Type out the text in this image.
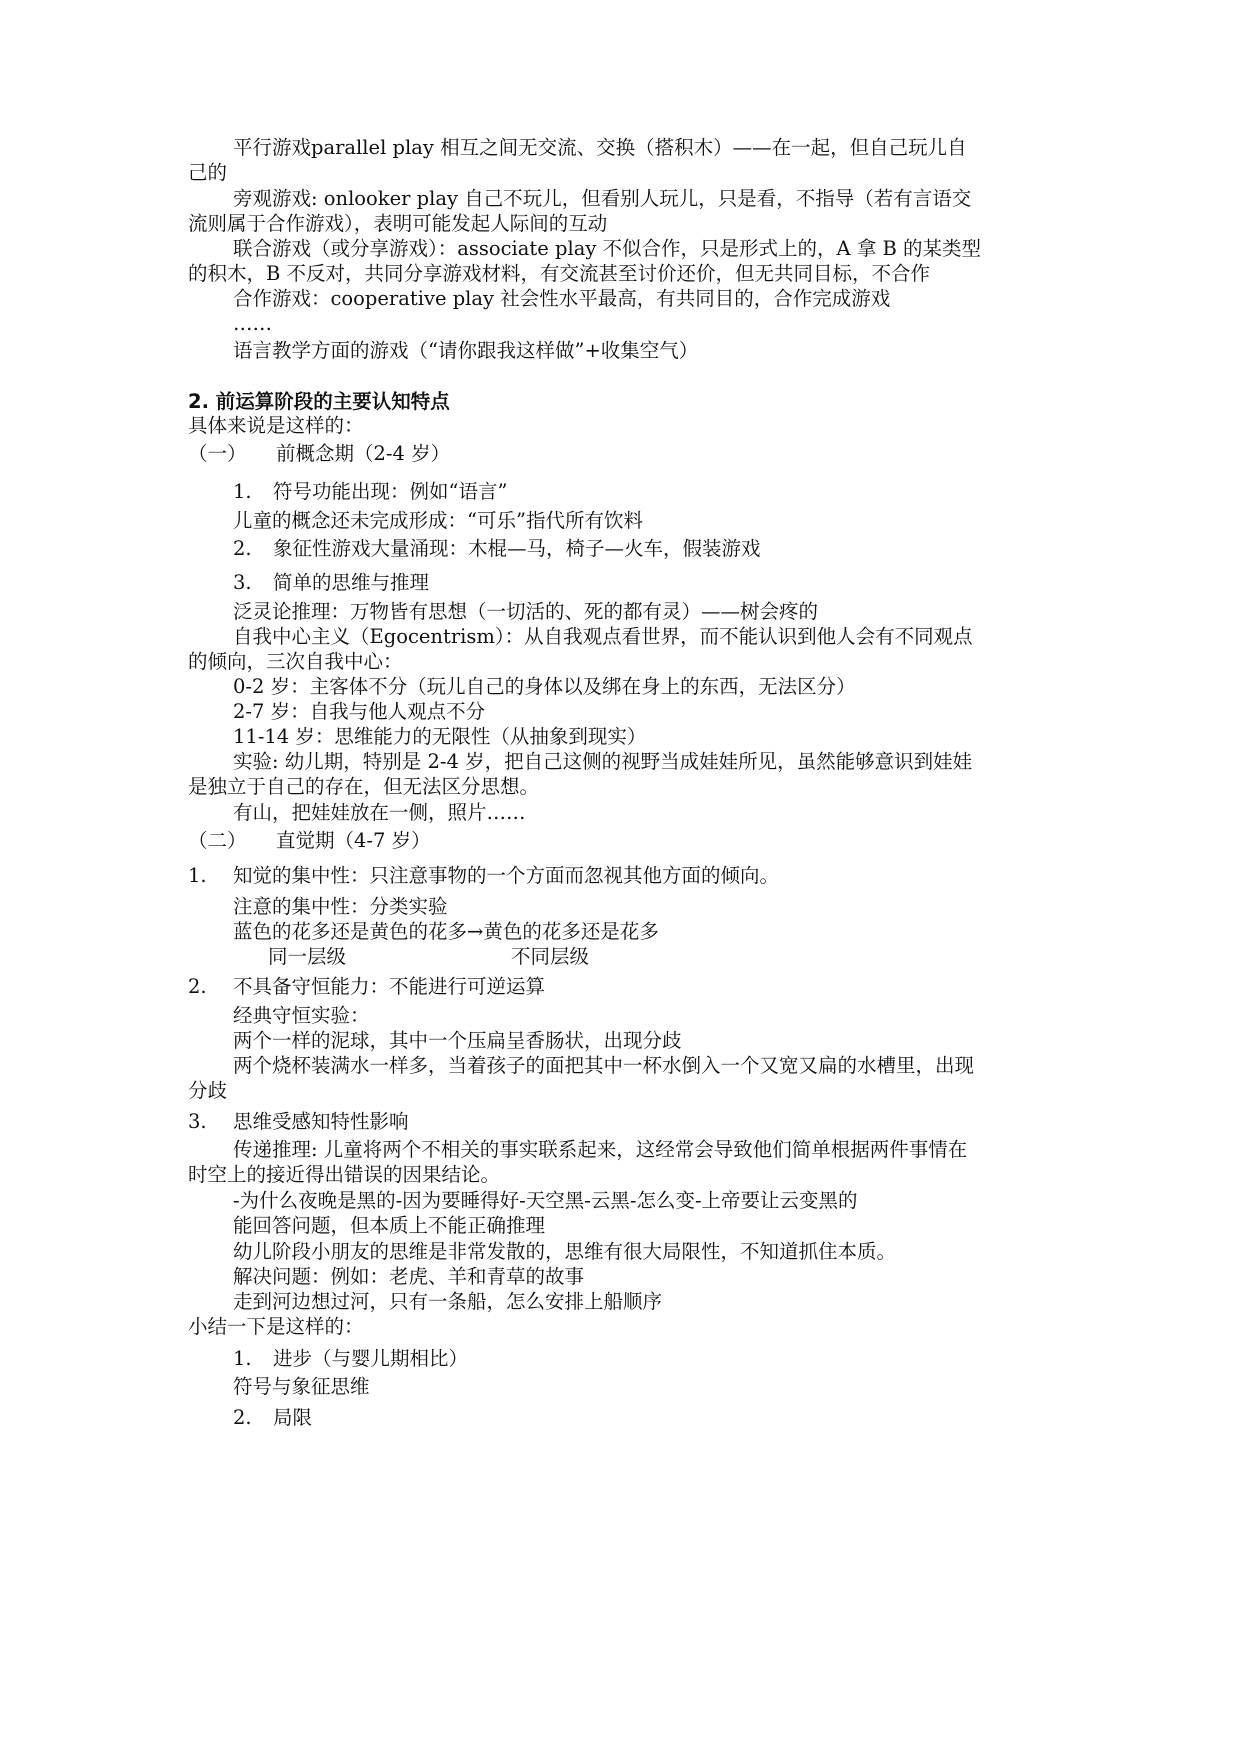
平行游戏parallel play 相互之间无交流、交换（搭积木）——在一起，但自己玩儿自
己的
旁观游戏: onlooker play 自己不玩儿，但看别人玩儿，只是看，不指导（若有言语交
流则属于合作游戏），表明可能发起人际间的互动
联合游戏（或分享游戏）：associate play 不似合作，只是形式上的，A 拿 B 的某类型
的积木，B 不反对，共同分享游戏材料，有交流甚至讨价还价，但无共同目标，不合作
合作游戏：cooperative play 社会性水平最高，有共同目的，合作完成游戏
……
语言教学方面的游戏（“请你跟我这样做”+收集空气）
2. 前运算阶段的主要认知特点
具体来说是这样的：
（一） 前概念期（2-4 岁）
1. 符号功能出现：例如“语言”
儿童的概念还未完成形成：“可乐”指代所有饮料
2. 象征性游戏大量涌现：木棍—马，椅子—火车，假装游戏
3. 简单的思维与推理
泛灵论推理：万物皆有思想（一切活的、死的都有灵）——树会疼的
自我中心主义（Egocentrism）：从自我观点看世界，而不能认识到他人会有不同观点
的倾向，三次自我中心：
0-2 岁：主客体不分（玩儿自己的身体以及绑在身上的东西，无法区分）
2-7 岁：自我与他人观点不分
11-14 岁：思维能力的无限性（从抽象到现实）
实验: 幼儿期，特别是 2-4 岁，把自己这侧的视野当成娃娃所见，虽然能够意识到娃娃
是独立于自己的存在，但无法区分思想。
有山，把娃娃放在一侧，照片……
（二） 直觉期（4-7 岁）
1. 知觉的集中性：只注意事物的一个方面而忽视其他方面的倾向。
注意的集中性：分类实验
蓝色的花多还是黄色的花多→黄色的花多还是花多
同一层级	不同层级
2. 不具备守恒能力：不能进行可逆运算
经典守恒实验：
两个一样的泥球，其中一个压扁呈香肠状，出现分歧
两个烧杯装满水一样多，当着孩子的面把其中一杯水倒入一个又宽又扁的水槽里，出现
分歧
3. 思维受感知特性影响
传递推理: 儿童将两个不相关的事实联系起来，这经常会导致他们简单根据两件事情在
时空上的接近得出错误的因果结论。
-为什么夜晚是黑的-因为要睡得好-天空黑-云黑-怎么变-上帝要让云变黑的
能回答问题，但本质上不能正确推理
幼儿阶段小朋友的思维是非常发散的，思维有很大局限性，不知道抓住本质。
解决问题：例如：老虎、羊和青草的故事
走到河边想过河，只有一条船，怎么安排上船顺序
小结一下是这样的：
1. 进步（与婴儿期相比）
符号与象征思维
2. 局限
